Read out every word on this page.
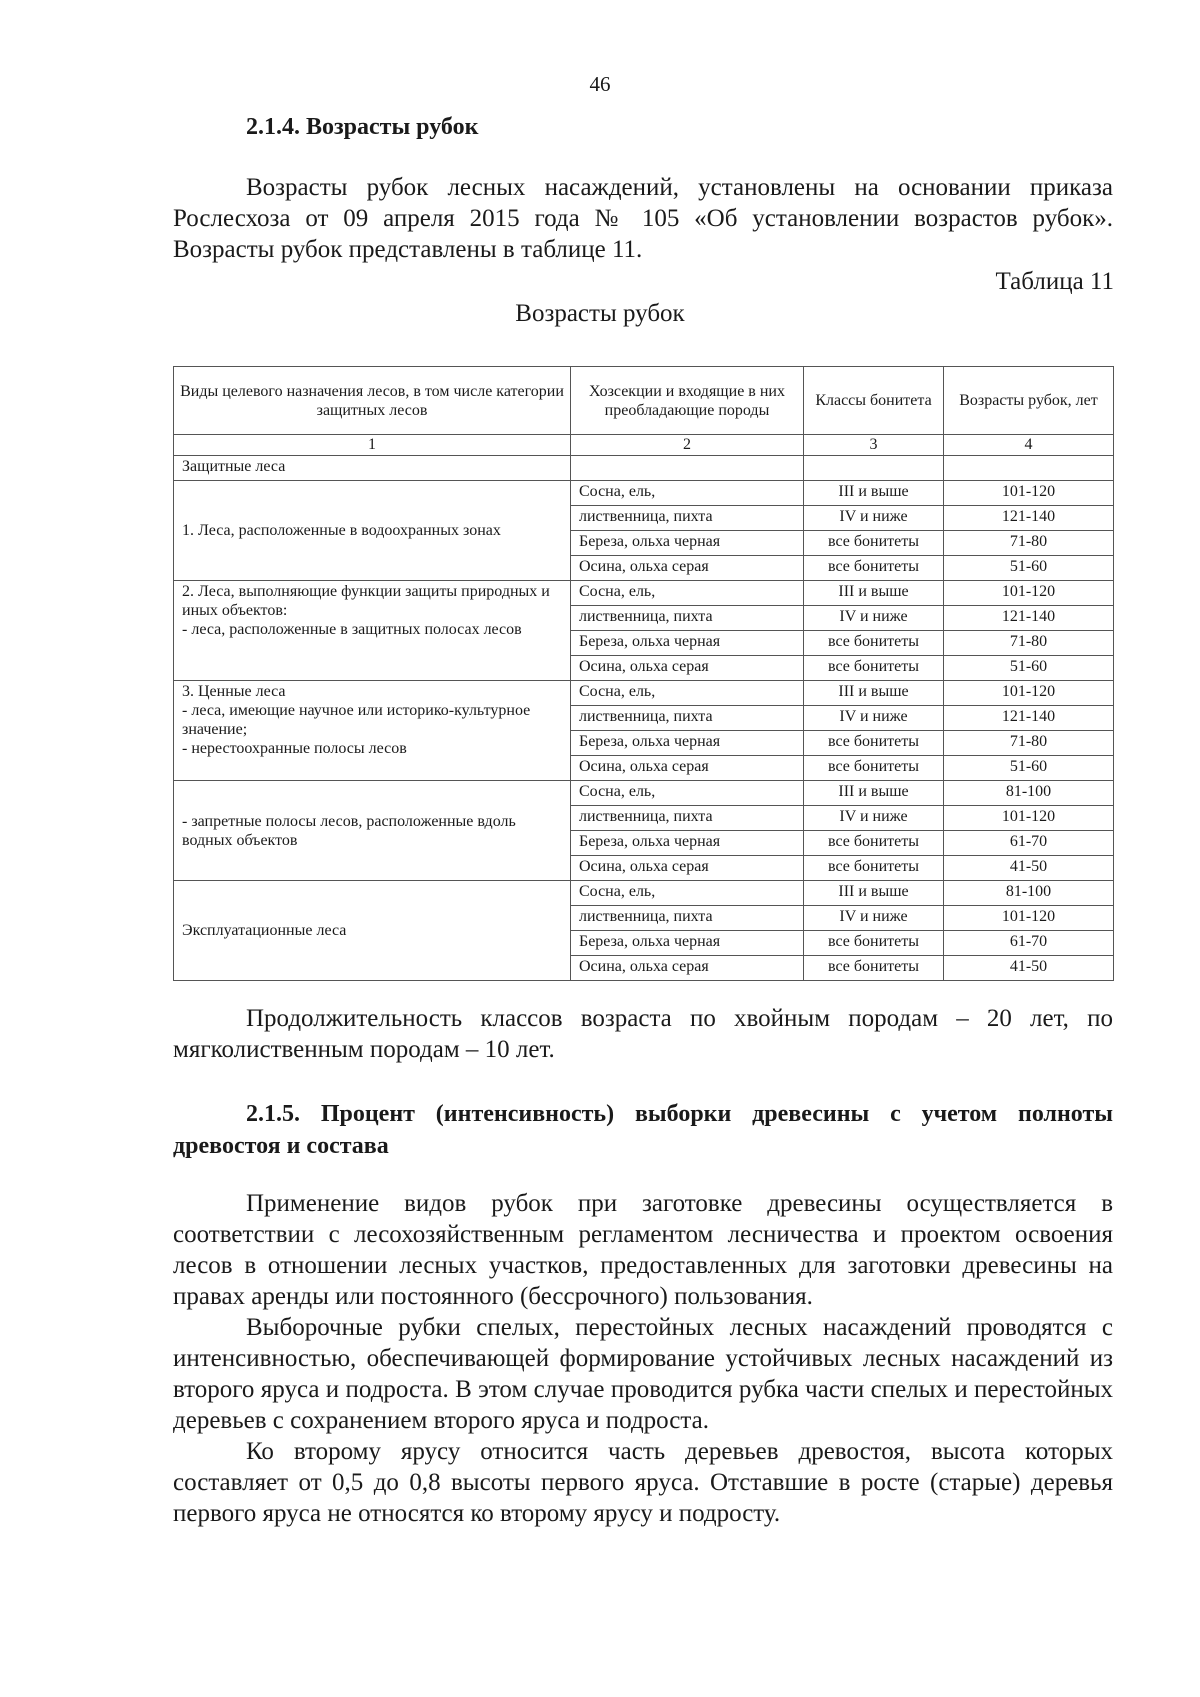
46
2.1.4. Возрасты рубок
Возрасты рубок лесных насаждений, установлены на основании приказа Рослесхоза от 09 апреля 2015 года № 105 «Об установлении возрастов рубок». Возрасты рубок представлены в таблице 11.
Таблица 11
Возрасты рубок
Виды целевого назначения лесов, в том числе категории защитных лесов	Хозсекции и входящие в них преобладающие породы	Классы бонитета	Возрасты рубок, лет
1	2	3	4
Защитные леса			
1. Леса, расположенные в водоохранных зонах	Сосна, ель,	III и выше	101-120
	лиственница, пихта	IV и ниже	121-140
	Береза, ольха черная	все бонитеты	71-80
	Осина, ольха серая	все бонитеты	51-60
2. Леса, выполняющие функции защиты природных и иных объектов:
- леса, расположенные в защитных полосах лесов	Сосна, ель,	III и выше	101-120
	лиственница, пихта	IV и ниже	121-140
	Береза, ольха черная	все бонитеты	71-80
	Осина, ольха серая	все бонитеты	51-60
3. Ценные леса
- леса, имеющие научное или историко-культурное значение;
- нерестоохранные полосы лесов	Сосна, ель,	III и выше	101-120
	лиственница, пихта	IV и ниже	121-140
	Береза, ольха черная	все бонитеты	71-80
	Осина, ольха серая	все бонитеты	51-60
- запретные полосы лесов, расположенные вдоль водных объектов	Сосна, ель,	III и выше	81-100
	лиственница, пихта	IV и ниже	101-120
	Береза, ольха черная	все бонитеты	61-70
	Осина, ольха серая	все бонитеты	41-50
Эксплуатационные леса	Сосна, ель,	III и выше	81-100
	лиственница, пихта	IV и ниже	101-120
	Береза, ольха черная	все бонитеты	61-70
	Осина, ольха серая	все бонитеты	41-50
Продолжительность классов возраста по хвойным породам – 20 лет, по мягколиственным породам – 10 лет.
2.1.5. Процент (интенсивность) выборки древесины с учетом полноты древостоя и состава
Применение видов рубок при заготовке древесины осуществляется в соответствии с лесохозяйственным регламентом лесничества и проектом освоения лесов в отношении лесных участков, предоставленных для заготовки древесины на правах аренды или постоянного (бессрочного) пользования.
Выборочные рубки спелых, перестойных лесных насаждений проводятся с интенсивностью, обеспечивающей формирование устойчивых лесных насаждений из второго яруса и подроста. В этом случае проводится рубка части спелых и перестойных деревьев с сохранением второго яруса и подроста.
Ко второму ярусу относится часть деревьев древостоя, высота которых составляет от 0,5 до 0,8 высоты первого яруса. Отставшие в росте (старые) деревья первого яруса не относятся ко второму ярусу и подросту.
